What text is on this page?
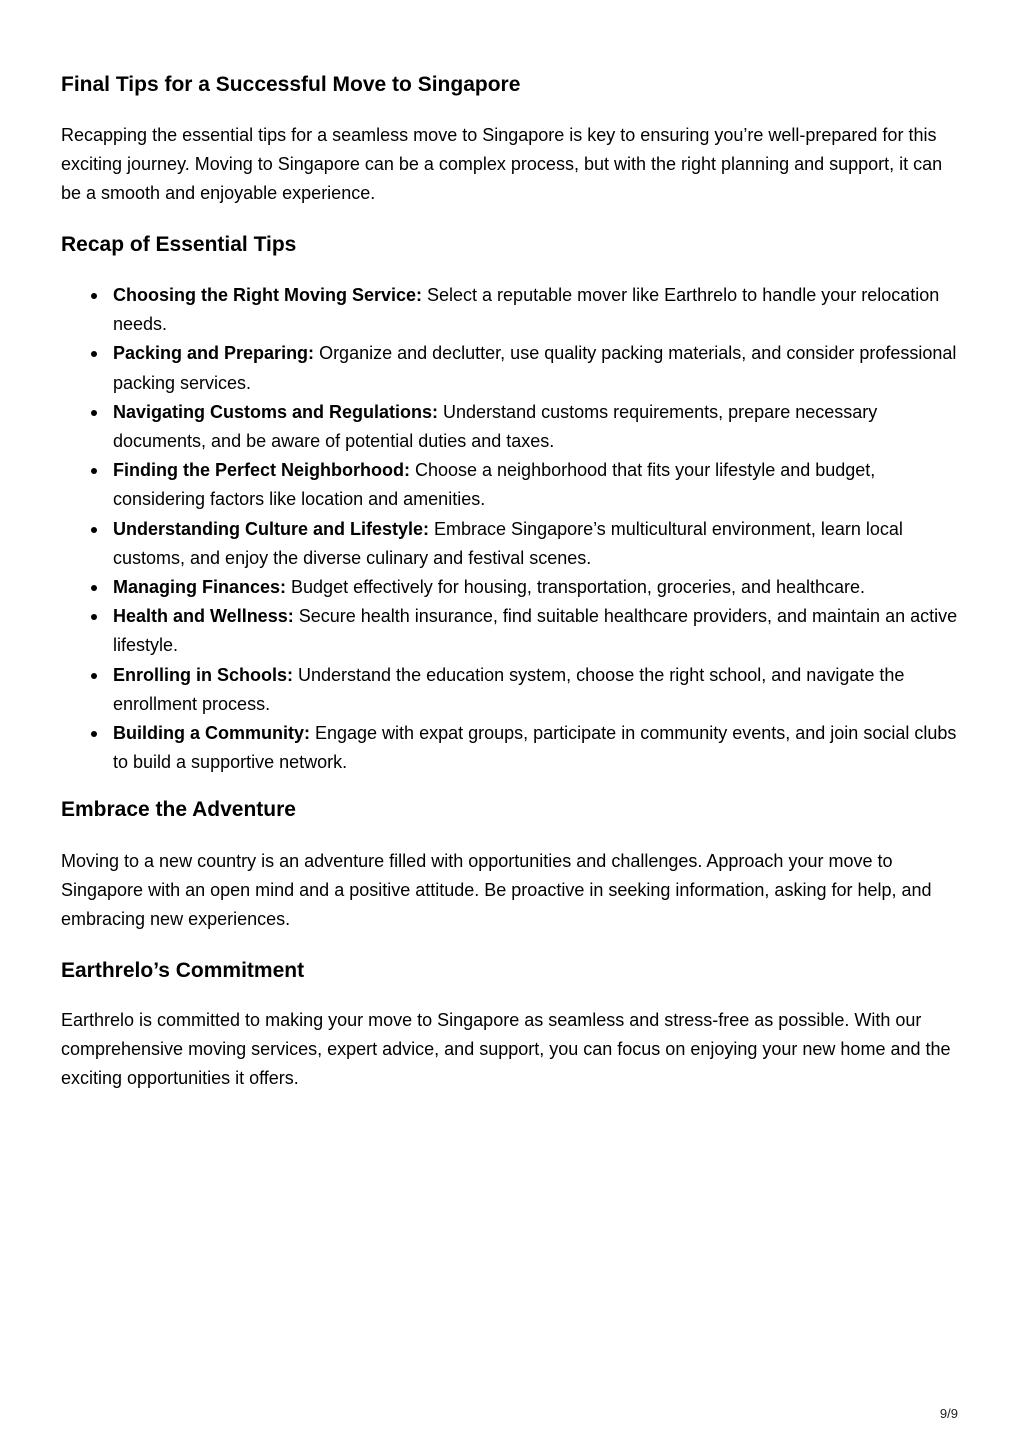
Final Tips for a Successful Move to Singapore

Recapping the essential tips for a seamless move to Singapore is key to ensuring you’re well-prepared for this exciting journey. Moving to Singapore can be a complex process, but with the right planning and support, it can be a smooth and enjoyable experience.

Recap of Essential Tips
Choosing the Right Moving Service: Select a reputable mover like Earthrelo to handle your relocation needs.
Packing and Preparing: Organize and declutter, use quality packing materials, and consider professional packing services.
Navigating Customs and Regulations: Understand customs requirements, prepare necessary documents, and be aware of potential duties and taxes.
Finding the Perfect Neighborhood: Choose a neighborhood that fits your lifestyle and budget, considering factors like location and amenities.
Understanding Culture and Lifestyle: Embrace Singapore’s multicultural environment, learn local customs, and enjoy the diverse culinary and festival scenes.
Managing Finances: Budget effectively for housing, transportation, groceries, and healthcare.
Health and Wellness: Secure health insurance, find suitable healthcare providers, and maintain an active lifestyle.
Enrolling in Schools: Understand the education system, choose the right school, and navigate the enrollment process.
Building a Community: Engage with expat groups, participate in community events, and join social clubs to build a supportive network.
Embrace the Adventure

Moving to a new country is an adventure filled with opportunities and challenges. Approach your move to Singapore with an open mind and a positive attitude. Be proactive in seeking information, asking for help, and embracing new experiences.

Earthrelo’s Commitment

Earthrelo is committed to making your move to Singapore as seamless and stress-free as possible. With our comprehensive moving services, expert advice, and support, you can focus on enjoying your new home and the exciting opportunities it offers.

9/9
